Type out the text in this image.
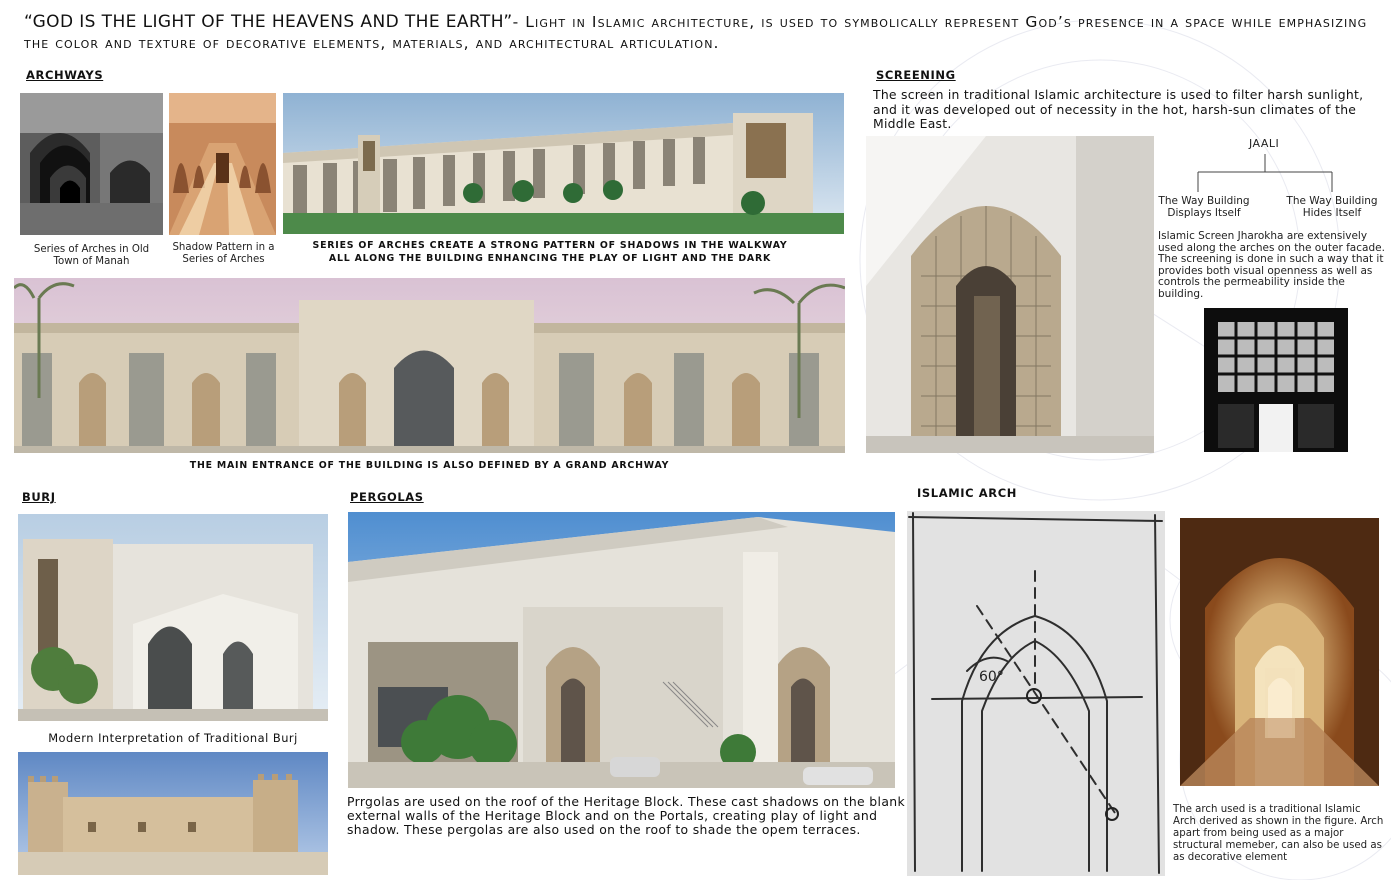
“GOD IS THE LIGHT OF THE HEAVENS AND THE EARTH”- Light in Islamic architecture, is used to symbolically represent God’s presence in a space while emphasizing the color and texture of decorative elements, materials, and architectural articulation.
ARCHWAYS
Series of Arches in Old Town of Manah
Shadow Pattern in a Series of Arches
SERIES OF ARCHES CREATE A STRONG PATTERN OF SHADOWS IN THE WALKWAY ALL ALONG THE BUILDING ENHANCING THE PLAY OF LIGHT AND THE DARK
THE MAIN ENTRANCE OF THE BUILDING IS ALSO DEFINED BY A GRAND ARCHWAY
SCREENING
The screen in traditional Islamic architecture is used to filter harsh sunlight, and it was developed out of necessity in the hot, harsh-sun climates of the Middle East.
JAALI
The Way Building Displays Itself
The Way Building Hides Itself
Islamic Screen Jharokha are extensively used along the arches on the outer facade. The screening is done in such a way that it provides both visual openness as well as controls the permeability inside the building.
BURJ
Modern Interpretation of Traditional Burj
PERGOLAS
Prrgolas are used on the roof of the Heritage Block. These cast shadows on the blank external walls of the Heritage Block and on the Portals, creating play of light and shadow. These pergolas are also used on the roof to shade the opem terraces.
ISLAMIC ARCH
60°
The arch used is a traditional Islamic Arch derived as shown in the figure. Arch apart from being used as a major structural memeber, can also be used as as decorative element
